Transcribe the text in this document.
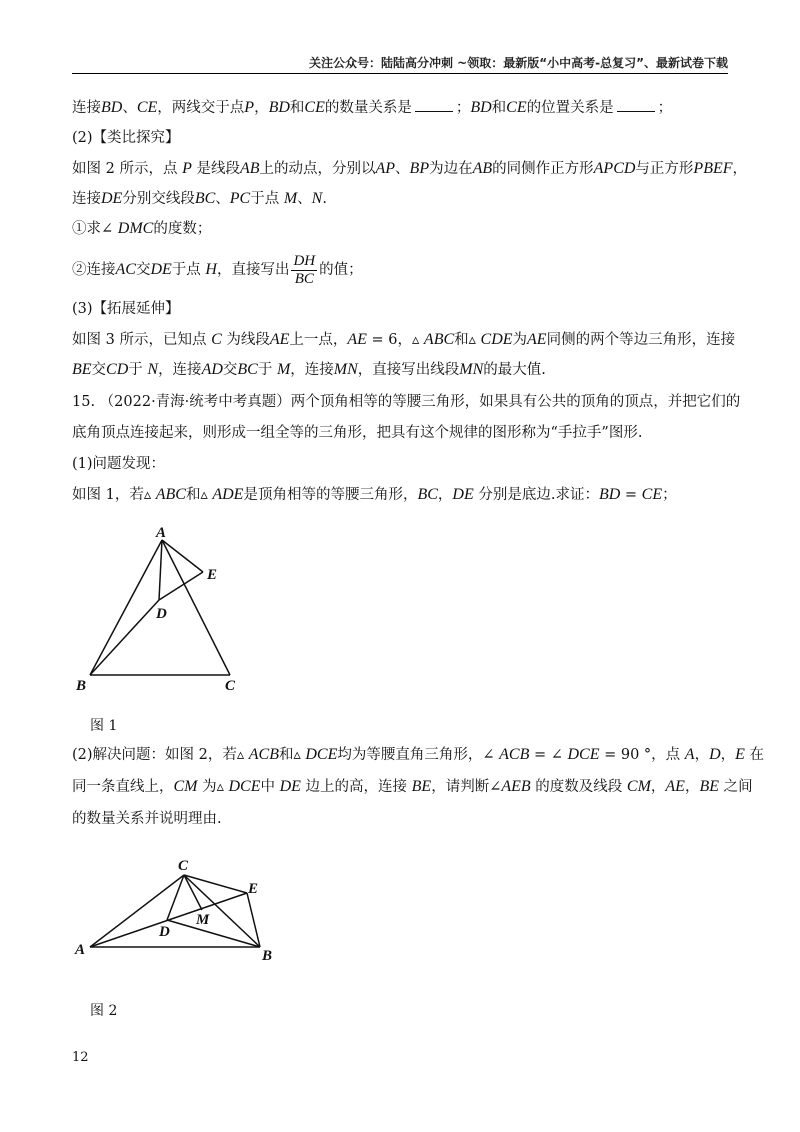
关注公众号：陆陆高分冲刺 ~领取：最新版“小中高考-总复习”、最新试卷下载
连接BD、CE，两线交于点P，BD和CE的数量关系是	；BD和CE的位置关系是	；
(2)【类比探究】
如图 2 所示，点 P 是线段AB上的动点，分别以AP、BP为边在AB的同侧作正方形APCD与正方形PBEF，
连接DE分别交线段BC、PC于点 M、N.
①求∠ DMC的度数；
②连接AC交DE于点 H，直接写出 $\frac{DH}{BC}$ 的值；
(3)【拓展延伸】
如图 3 所示，已知点 C 为线段AE上一点，AE = 6，▵ ABC和▵ CDE为AE同侧的两个等边三角形，连接
BE交CD于 N，连接AD交BC于 M，连接MN，直接写出线段MN的最大值.
15. （2022·青海·统考中考真题）两个顶角相等的等腰三角形，如果具有公共的顶角的顶点，并把它们的
底角顶点连接起来，则形成一组全等的三角形，把具有这个规律的图形称为“手拉手”图形.
(1)问题发现：
如图 1，若▵ ABC和▵ ADE是顶角相等的等腰三角形，BC，DE 分别是底边.求证：BD = CE；
A
B	C
D
E
图 1
(2)解决问题：如图 2，若▵ ACB和▵ DCE均为等腰直角三角形，∠ ACB = ∠ DCE = 90 °，点 A，D，E 在
同一条直线上，CM 为▵ DCE中 DE 边上的高，连接 BE，请判断∠AEB 的度数及线段 CM，AE，BE 之间
的数量关系并说明理由.
A	B
C
D
E
M
图 2
12
